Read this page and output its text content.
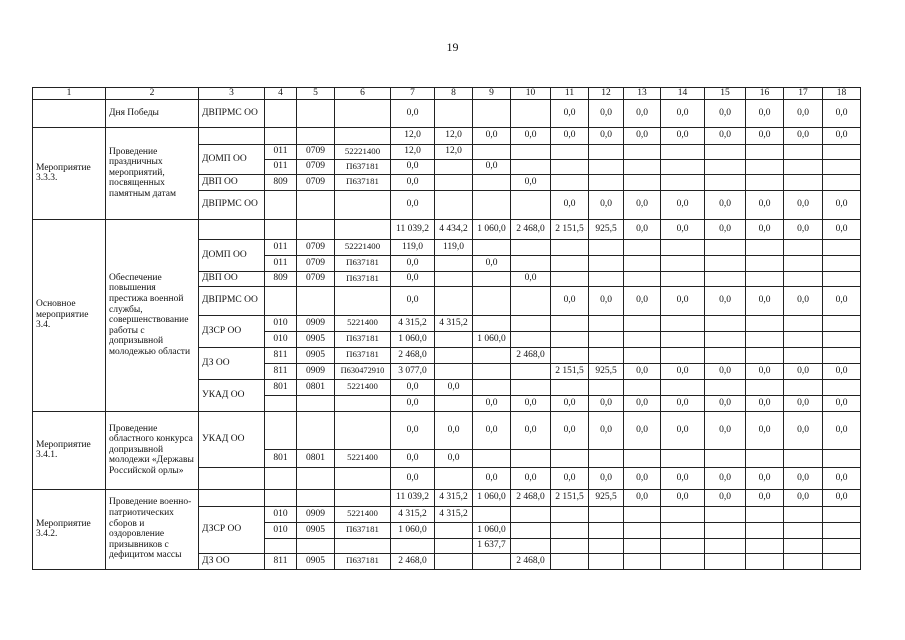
19
1	2	3	4	5	6	7	8	9	10	11	12	13	14	15	16	17	18
	Дня Победы	ДВПРМС ОО				0,0				0,0	0,0	0,0	0,0	0,0	0,0	0,0	0,0
Мероприятие 3.3.3.	Проведение праздничных мероприятий, посвященных памятным датам					12,0	12,0	0,0	0,0	0,0	0,0	0,0	0,0	0,0	0,0	0,0	0,0
		ДОМП ОО	011	0709	52221400	12,0	12,0										
			011	0709	П637181	0,0		0,0									
		ДВП ОО	809	0709	П637181	0,0			0,0								
		ДВПРМС ОО				0,0				0,0	0,0	0,0	0,0	0,0	0,0	0,0	0,0
Основное мероприятие 3.4.	Обеспечение повышения престижа военной службы, совершенствование работы с допризывной молодежью области					11 039,2	4 434,2	1 060,0	2 468,0	2 151,5	925,5	0,0	0,0	0,0	0,0	0,0	0,0
		ДОМП ОО	011	0709	52221400	119,0	119,0										
			011	0709	П637181	0,0		0,0									
		ДВП ОО	809	0709	П637181	0,0			0,0								
		ДВПРМС ОО				0,0				0,0	0,0	0,0	0,0	0,0	0,0	0,0	0,0
		ДЗСР ОО	010	0909	5221400	4 315,2	4 315,2										
			010	0905	П637181	1 060,0		1 060,0									
		ДЗ ОО	811	0905	П637181	2 468,0			2 468,0								
			811	0909	П630472910	3 077,0				2 151,5	925,5	0,0	0,0	0,0	0,0	0,0	0,0
		УКАД ОО	801	0801	5221400	0,0	0,0										
						0,0		0,0	0,0	0,0	0,0	0,0	0,0	0,0	0,0	0,0	0,0
Мероприятие 3.4.1.	Проведение областного конкурса допризывной молодежи «Державы Российской орлы»	УКАД ОО				0,0	0,0	0,0	0,0	0,0	0,0	0,0	0,0	0,0	0,0	0,0	0,0
			801	0801	5221400	0,0	0,0										
						0,0		0,0	0,0	0,0	0,0	0,0	0,0	0,0	0,0	0,0	0,0
Мероприятие 3.4.2.	Проведение военно-патриотических сборов и оздоровление призывников с дефицитом массы					11 039,2	4 315,2	1 060,0	2 468,0	2 151,5	925,5	0,0	0,0	0,0	0,0	0,0	0,0
		ДЗСР ОО	010	0909	5221400	4 315,2	4 315,2										
			010	0905	П637181	1 060,0		1 060,0									
								1 637,7									
		ДЗ ОО	811	0905	П637181	2 468,0			2 468,0								
